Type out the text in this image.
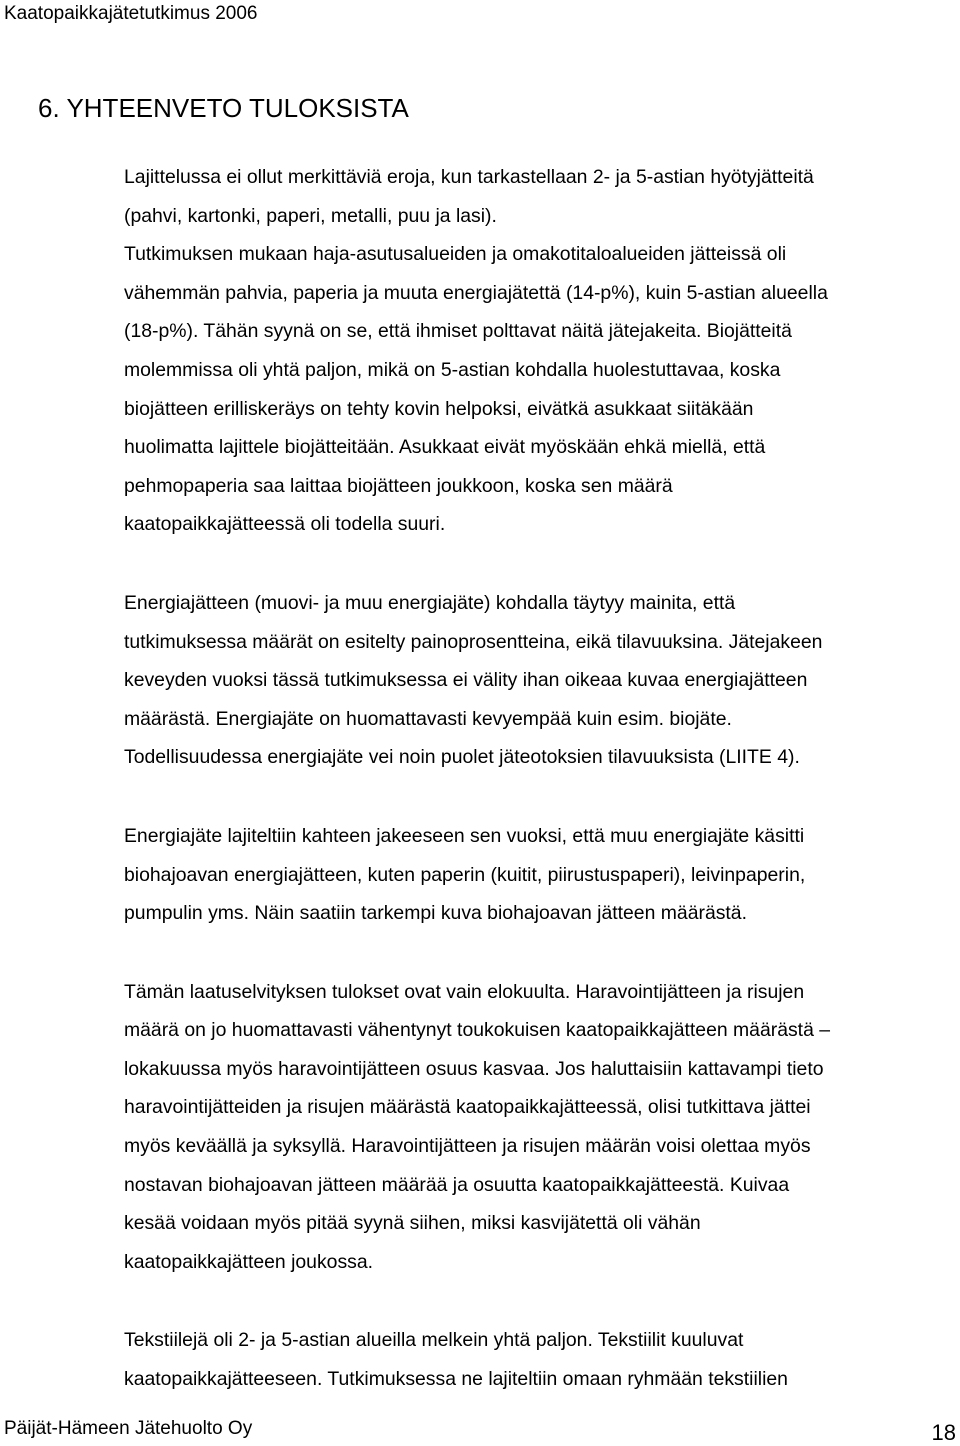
Kaatopaikkajätetutkimus 2006
6. YHTEENVETO TULOKSISTA

Lajittelussa ei ollut merkittäviä eroja, kun tarkastellaan 2- ja 5-astian hyötyjätteitä
(pahvi, kartonki, paperi, metalli, puu ja lasi).
Tutkimuksen mukaan haja-asutusalueiden ja omakotitaloalueiden jätteissä oli
vähemmän pahvia, paperia ja muuta energiajätettä (14-p%), kuin 5-astian alueella
(18-p%). Tähän syynä on se, että ihmiset polttavat näitä jätejakeita. Biojätteitä
molemmissa oli yhtä paljon, mikä on 5-astian kohdalla huolestuttavaa, koska
biojätteen erilliskeräys on tehty kovin helpoksi, eivätkä asukkaat siitäkään
huolimatta lajittele biojätteitään. Asukkaat eivät myöskään ehkä miellä, että
pehmopaperia saa laittaa biojätteen joukkoon, koska sen määrä
kaatopaikkajätteessä oli todella suuri.

Energiajätteen (muovi- ja muu energiajäte) kohdalla täytyy mainita, että
tutkimuksessa määrät on esitelty painoprosentteina, eikä tilavuuksina. Jätejakeen
keveyden vuoksi tässä tutkimuksessa ei välity ihan oikeaa kuvaa energiajätteen
määrästä. Energiajäte on huomattavasti kevyempää kuin esim. biojäte.
Todellisuudessa energiajäte vei noin puolet jäteotoksien tilavuuksista (LIITE 4).

Energiajäte lajiteltiin kahteen jakeeseen sen vuoksi, että muu energiajäte käsitti
biohajoavan energiajätteen, kuten paperin (kuitit, piirustuspaperi), leivinpaperin,
pumpulin yms. Näin saatiin tarkempi kuva biohajoavan jätteen määrästä.

Tämän laatuselvityksen tulokset ovat vain elokuulta. Haravointijätteen ja risujen
määrä on jo huomattavasti vähentynyt toukokuisen kaatopaikkajätteen määrästä –
lokakuussa myös haravointijätteen osuus kasvaa. Jos haluttaisiin kattavampi tieto
haravointijätteiden ja risujen määrästä kaatopaikkajätteessä, olisi tutkittava jättei
myös keväällä ja syksyllä. Haravointijätteen ja risujen määrän voisi olettaa myös
nostavan biohajoavan jätteen määrää ja osuutta kaatopaikkajätteestä. Kuivaa
kesää voidaan myös pitää syynä siihen, miksi kasvijätettä oli vähän
kaatopaikkajätteen joukossa.

Tekstiilejä oli 2- ja 5-astian alueilla melkein yhtä paljon. Tekstiilit kuuluvat
kaatopaikkajätteeseen. Tutkimuksessa ne lajiteltiin omaan ryhmään tekstiilien

Päijät-Hämeen Jätehuolto Oy	18
